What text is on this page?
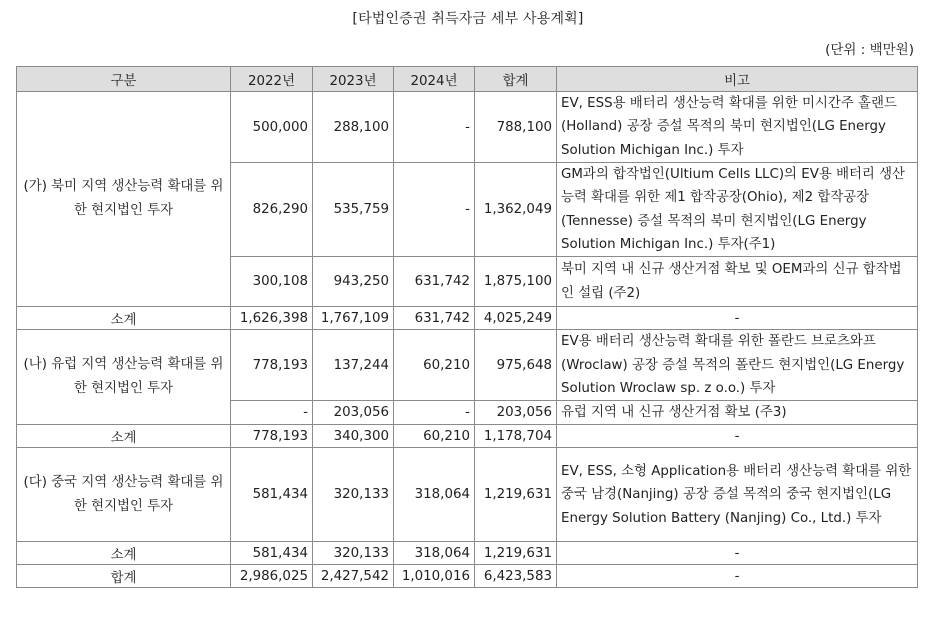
[타법인증권 취득자금 세부 사용계획]
(단위 : 백만원)
구분	2022년	2023년	2024년	합계	비고
(가) 북미 지역 생산능력 확대를 위한 현지법인 투자	500,000	288,100	-	788,100	EV, ESS용 배터리 생산능력 확대를 위한 미시간주 홀랜드(Holland) 공장 증설 목적의 북미 현지법인(LG Energy Solution Michigan Inc.) 투자
	826,290	535,759	-	1,362,049	GM과의 합작법인(Ultium Cells LLC)의 EV용 배터리 생산능력 확대를 위한 제1 합작공장(Ohio), 제2 합작공장(Tennesse) 증설 목적의 북미 현지법인(LG Energy Solution Michigan Inc.) 투자(주1)
	300,108	943,250	631,742	1,875,100	북미 지역 내 신규 생산거점 확보 및 OEM과의 신규 합작법인 설립 (주2)
소계	1,626,398	1,767,109	631,742	4,025,249	-
(나) 유럽 지역 생산능력 확대를 위한 현지법인 투자	778,193	137,244	60,210	975,648	EV용 배터리 생산능력 확대를 위한 폴란드 브로츠와프(Wroclaw) 공장 증설 목적의 폴란드 현지법인(LG Energy Solution Wroclaw sp. z o.o.) 투자
	-	203,056	-	203,056	유럽 지역 내 신규 생산거점 확보 (주3)
소계	778,193	340,300	60,210	1,178,704	-
(다) 중국 지역 생산능력 확대를 위한 현지법인 투자	581,434	320,133	318,064	1,219,631	EV, ESS, 소형 Application용 배터리 생산능력 확대를 위한 중국 남경(Nanjing) 공장 증설 목적의 중국 현지법인(LG Energy Solution Battery (Nanjing) Co., Ltd.) 투자
소계	581,434	320,133	318,064	1,219,631	-
합계	2,986,025	2,427,542	1,010,016	6,423,583	-
